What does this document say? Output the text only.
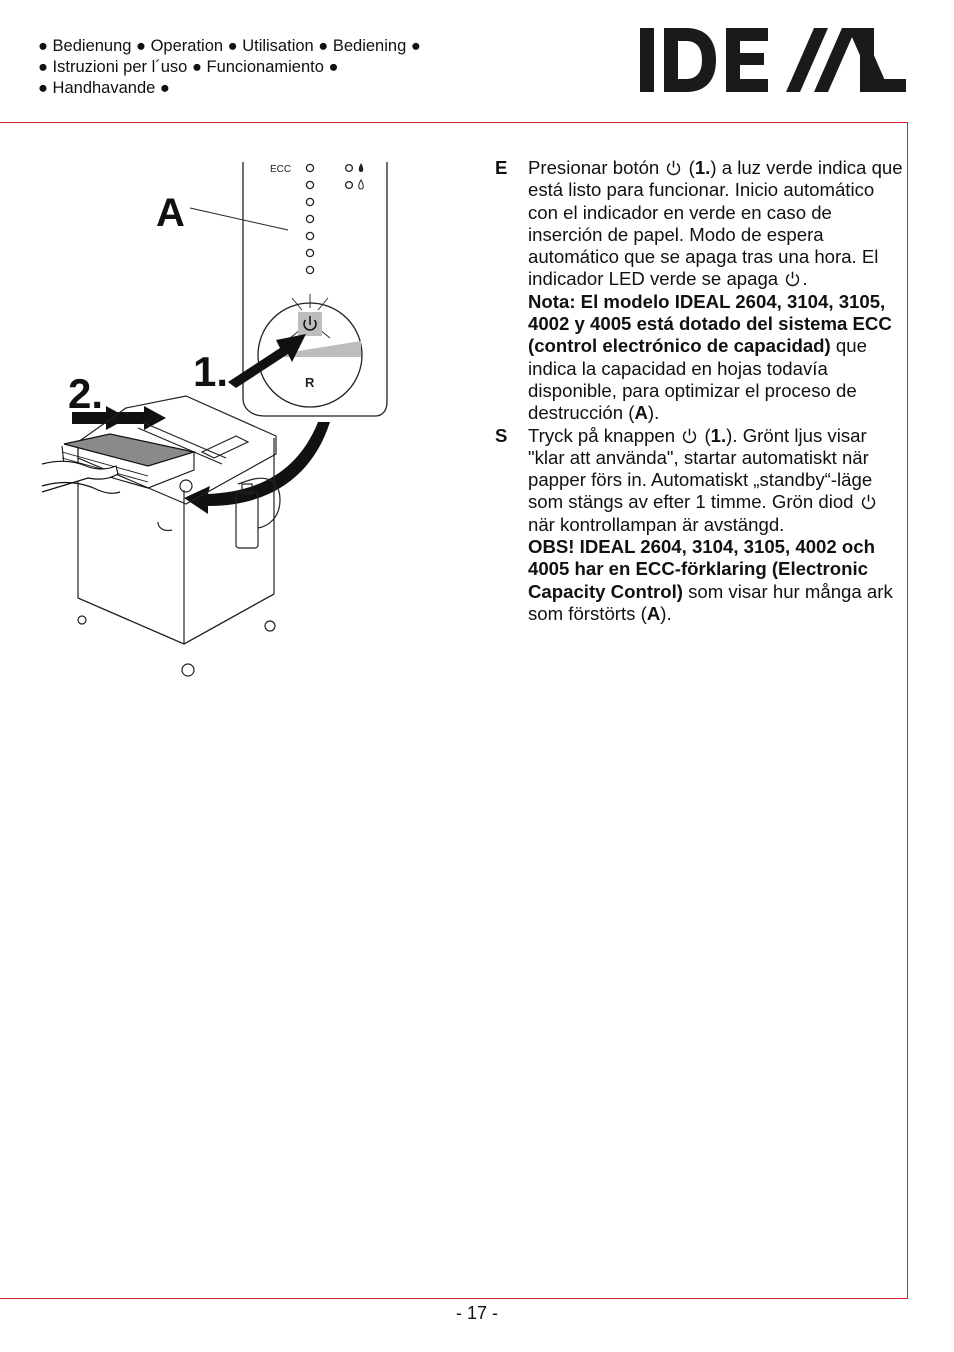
● Bedienung ● Operation ● Utilisation ● Bediening ●
● Istruzioni per l´uso ● Funcionamiento ●
● Handhavande ●
ECC
R
A
1.
2.
E Presionar botón (1.) a luz verde indica que está listo para funcionar. Inicio automático con el indicador en verde en caso de inserción de papel. Modo de espera automático que se apaga tras una hora. El indicador LED verde se apaga .
Nota: El modelo IDEAL 2604, 3104, 3105, 4002 y 4005 está dotado del sistema ECC (control electrónico de capacidad) que indica la capacidad en hojas todavía disponible, para optimizar el proceso de destrucción (A).

S Tryck på knappen (1.). Grönt ljus visar "klar att använda", startar automatiskt när papper förs in. Automatiskt „standby“-läge som stängs av efter 1 timme. Grön diod  när kontrollampan är avstängd.
OBS! IDEAL 2604, 3104, 3105, 4002 och 4005 har en ECC-förklaring (Electronic Capacity Control) som visar hur många ark som förstörts (A).

- 17 -
